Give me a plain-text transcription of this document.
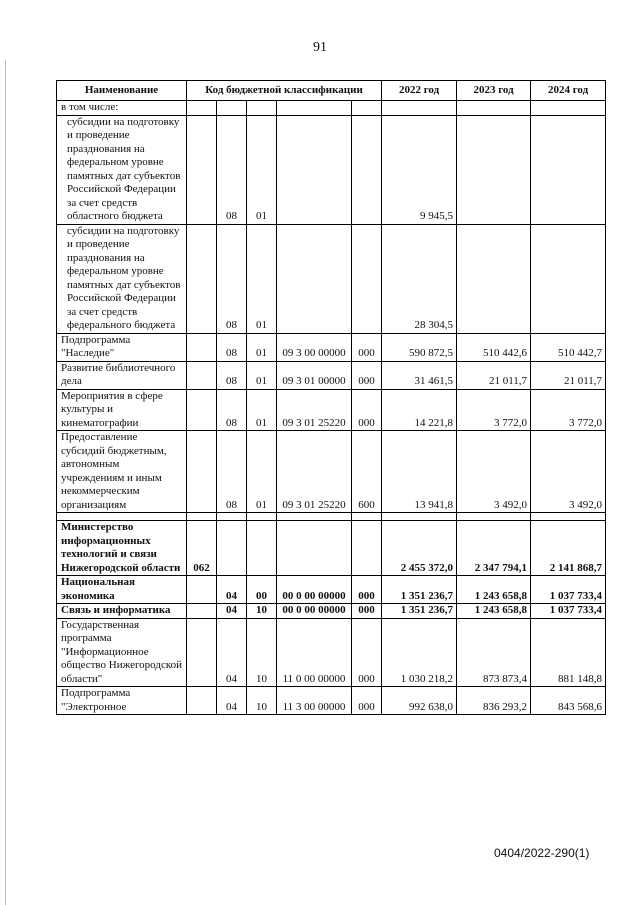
91
Наименование	Код бюджетной классификации					2022 год	2023 год	2024 год
в том числе:								
субсидии на подготовку и проведение празднования на федеральном уровне памятных дат субъектов Российской Федерации за счет средств областного бюджета		08	01			9 945,5		
субсидии на подготовку и проведение празднования на федеральном уровне памятных дат субъектов Российской Федерации за счет средств федерального бюджета		08	01			28 304,5		
Подпрограмма "Наследие"		08	01	09 3 00 00000	000	590 872,5	510 442,6	510 442,7
Развитие библиотечного дела		08	01	09 3 01 00000	000	31 461,5	21 011,7	21 011,7
Мероприятия в сфере культуры и кинематографии		08	01	09 3 01 25220	000	14 221,8	3 772,0	3 772,0
Предоставление субсидий бюджетным, автономным учреждениям и иным некоммерческим организациям		08	01	09 3 01 25220	600	13 941,8	3 492,0	3 492,0

Министерство информационных технологий и связи Нижегородской области	062					2 455 372,0	2 347 794,1	2 141 868,7
Национальная экономика		04	00	00 0 00 00000	000	1 351 236,7	1 243 658,8	1 037 733,4
Связь и информатика		04	10	00 0 00 00000	000	1 351 236,7	1 243 658,8	1 037 733,4
Государственная программа "Информационное общество Нижегородской области"		04	10	11 0 00 00000	000	1 030 218,2	873 873,4	881 148,8
Подпрограмма "Электронное		04	10	11 3 00 00000	000	992 638,0	836 293,2	843 568,6
0404/2022-290(1)
